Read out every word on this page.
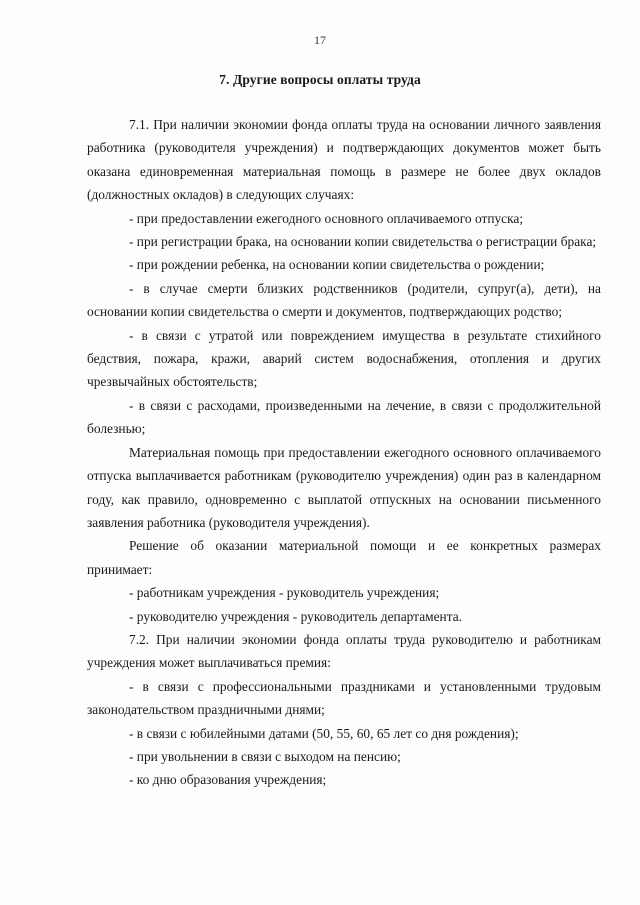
17
7. Другие вопросы оплаты труда

7.1. При наличии экономии фонда оплаты труда на основании личного заявления работника (руководителя учреждения) и подтверждающих документов может быть оказана единовременная материальная помощь в размере не более двух окладов (должностных окладов) в следующих случаях:

- при предоставлении ежегодного основного оплачиваемого отпуска;

- при регистрации брака, на основании копии свидетельства о регистрации брака;

- при рождении ребенка, на основании копии свидетельства о рождении;

- в случае смерти близких родственников (родители, супруг(а), дети), на основании копии свидетельства о смерти и документов, подтверждающих родство;

- в связи с утратой или повреждением имущества в результате стихийного бедствия, пожара, кражи, аварий систем водоснабжения, отопления и других чрезвычайных обстоятельств;

- в связи с расходами, произведенными на лечение, в связи с продолжительной болезнью;

Материальная помощь при предоставлении ежегодного основного оплачиваемого отпуска выплачивается работникам (руководителю учреждения) один раз в календарном году, как правило, одновременно с выплатой отпускных на основании письменного заявления работника (руководителя учреждения).

Решение об оказании материальной помощи и ее конкретных размерах принимает:

- работникам учреждения - руководитель учреждения;

- руководителю учреждения - руководитель департамента.

7.2. При наличии экономии фонда оплаты труда руководителю и работникам учреждения может выплачиваться премия:

- в связи с профессиональными праздниками и установленными трудовым законодательством праздничными днями;

- в связи с юбилейными датами (50, 55, 60, 65 лет со дня рождения);

- при увольнении в связи с выходом на пенсию;

- ко дню образования учреждения;
